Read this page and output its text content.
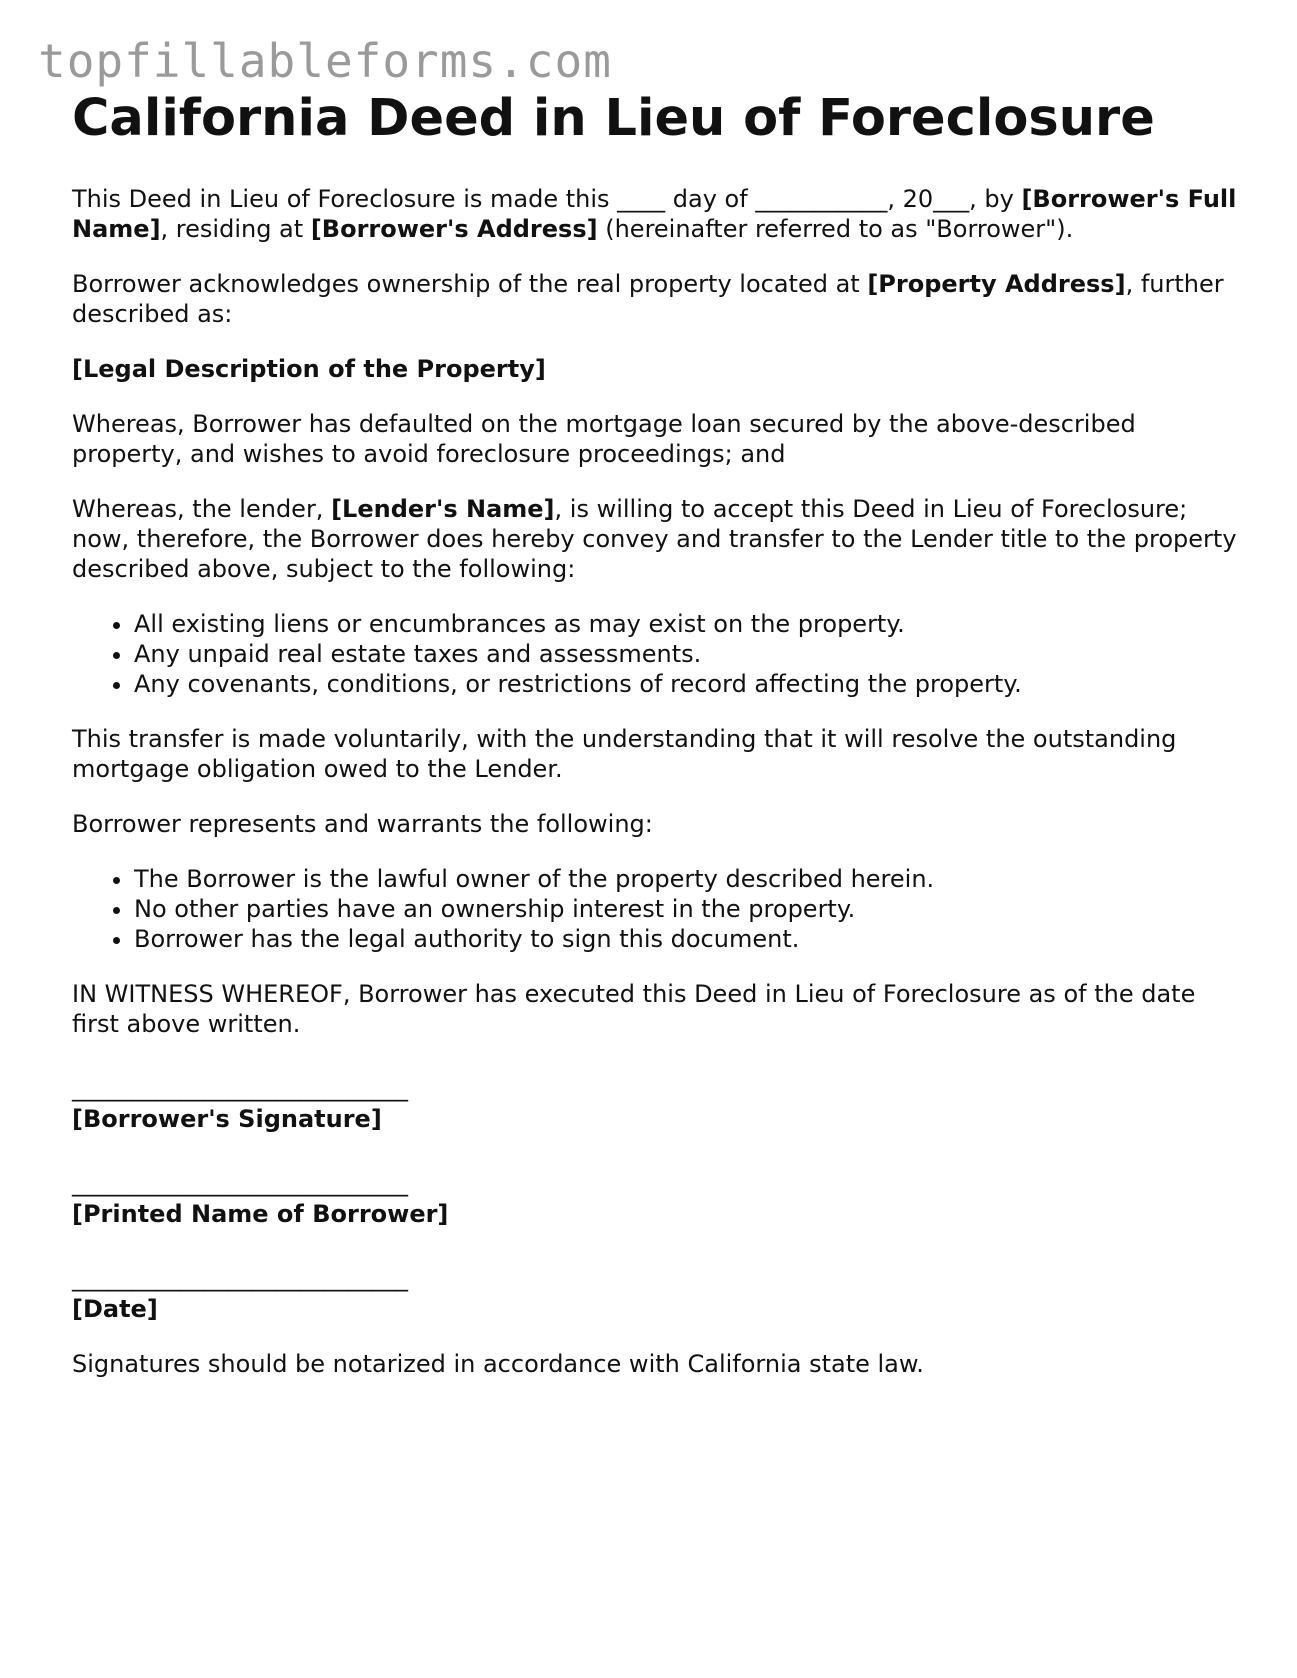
topfillableforms.com
California Deed in Lieu of Foreclosure

This Deed in Lieu of Foreclosure is made this ____ day of ___________, 20___, by [Borrower's Full Name], residing at [Borrower's Address] (hereinafter referred to as "Borrower").

Borrower acknowledges ownership of the real property located at [Property Address], further described as:

[Legal Description of the Property]

Whereas, Borrower has defaulted on the mortgage loan secured by the above-described property, and wishes to avoid foreclosure proceedings; and

Whereas, the lender, [Lender's Name], is willing to accept this Deed in Lieu of Foreclosure; now, therefore, the Borrower does hereby convey and transfer to the Lender title to the property described above, subject to the following:

• All existing liens or encumbrances as may exist on the property.
• Any unpaid real estate taxes and assessments.
• Any covenants, conditions, or restrictions of record affecting the property.

This transfer is made voluntarily, with the understanding that it will resolve the outstanding mortgage obligation owed to the Lender.

Borrower represents and warrants the following:

• The Borrower is the lawful owner of the property described herein.
• No other parties have an ownership interest in the property.
• Borrower has the legal authority to sign this document.

IN WITNESS WHEREOF, Borrower has executed this Deed in Lieu of Foreclosure as of the date first above written.

____________________________
[Borrower's Signature]
____________________________
[Printed Name of Borrower]
____________________________
[Date]

Signatures should be notarized in accordance with California state law.
